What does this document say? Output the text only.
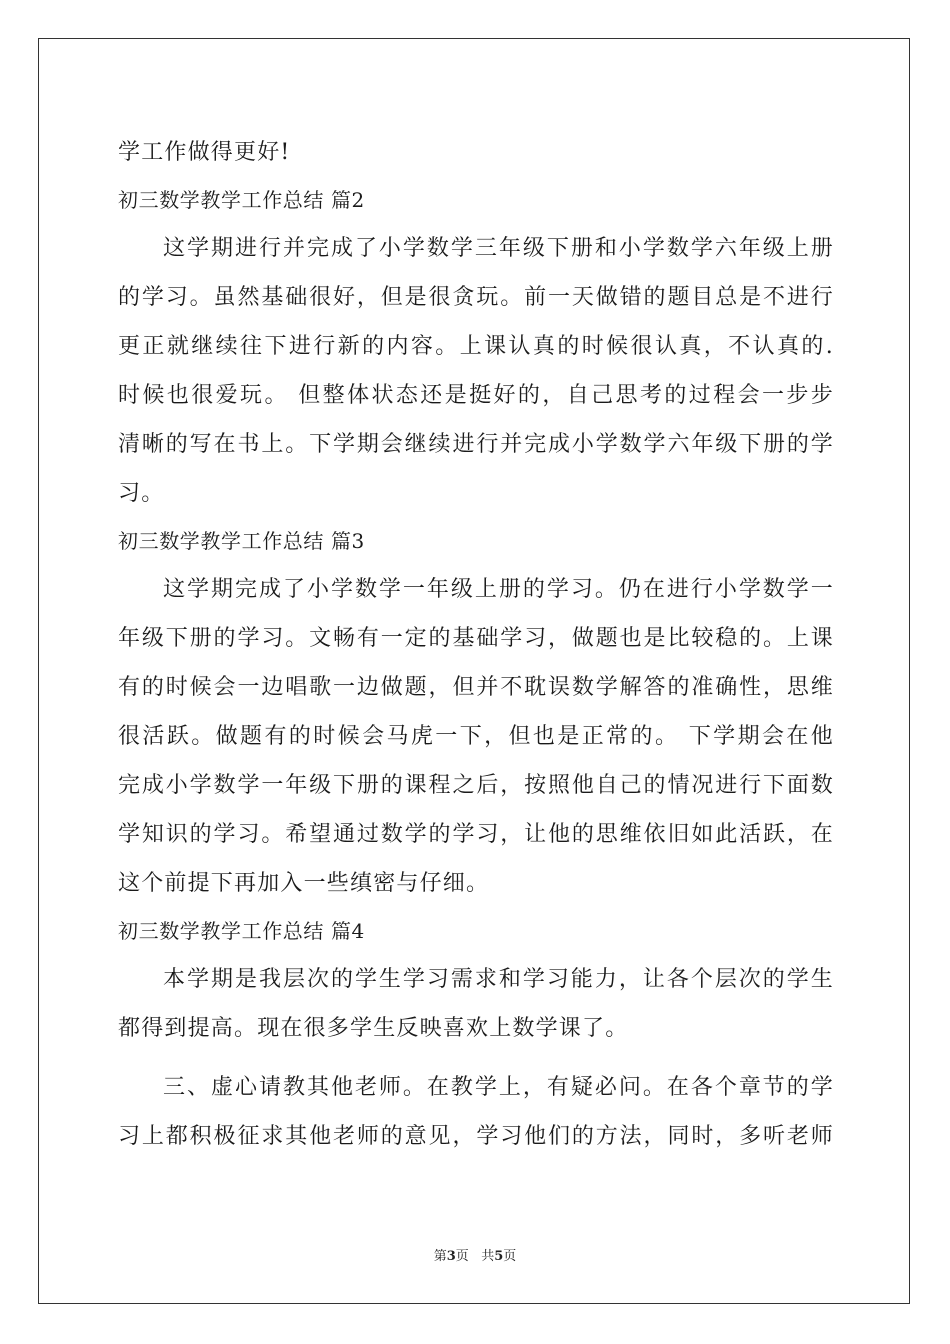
学工作做得更好!
初三数学教学工作总结 篇2
这学期进行并完成了小学数学三年级下册和小学数学六年级上册
的学习。虽然基础很好，但是很贪玩。前一天做错的题目总是不进行
更正就继续往下进行新的内容。上课认真的时候很认真，不认真的.
时候也很爱玩。 但整体状态还是挺好的，自己思考的过程会一步步
清晰的写在书上。下学期会继续进行并完成小学数学六年级下册的学
习。
初三数学教学工作总结 篇3
这学期完成了小学数学一年级上册的学习。仍在进行小学数学一
年级下册的学习。文畅有一定的基础学习，做题也是比较稳的。上课
有的时候会一边唱歌一边做题，但并不耽误数学解答的准确性，思维
很活跃。做题有的时候会马虎一下，但也是正常的。 下学期会在他
完成小学数学一年级下册的课程之后，按照他自己的情况进行下面数
学知识的学习。希望通过数学的学习，让他的思维依旧如此活跃，在
这个前提下再加入一些缜密与仔细。
初三数学教学工作总结 篇4
本学期是我层次的学生学习需求和学习能力，让各个层次的学生
都得到提高。现在很多学生反映喜欢上数学课了。
三、虚心请教其他老师。在教学上，有疑必问。在各个章节的学
习上都积极征求其他老师的意见，学习他们的方法，同时，多听老师
第3页 共5页
